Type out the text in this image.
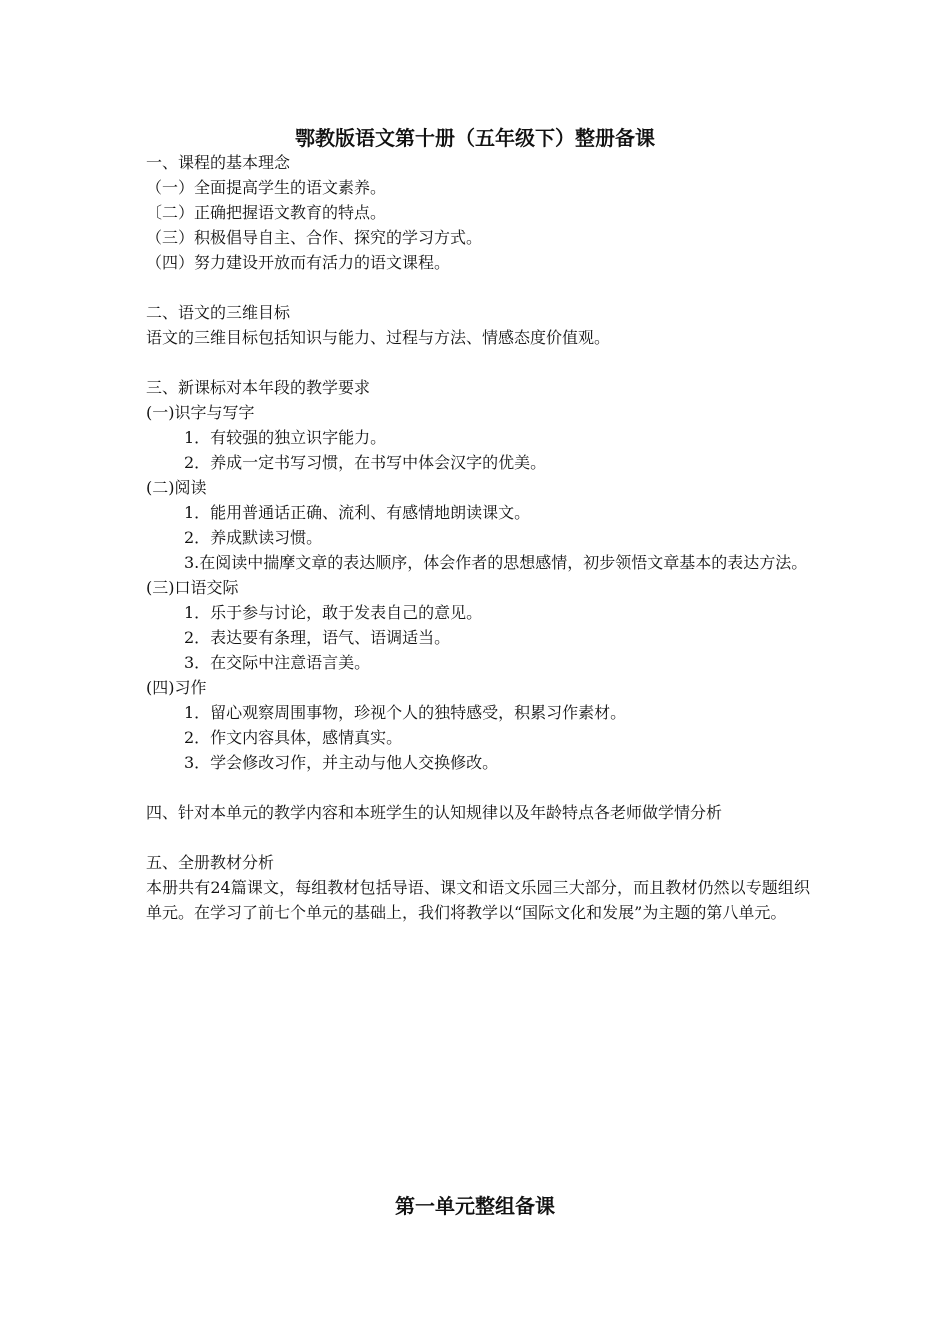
鄂教版语文第十册（五年级下）整册备课

一、课程的基本理念

（一）全面提高学生的语文素养。

〔二）正确把握语文教育的特点。

（三）积极倡导自主、合作、探究的学习方式。

（四）努力建设开放而有活力的语文课程。

二、语文的三维目标

语文的三维目标包括知识与能力、过程与方法、情感态度价值观。

三、新课标对本年段的教学要求

(一)识字与写字

1．有较强的独立识字能力。

2．养成一定书写习惯，在书写中体会汉字的优美。

(二)阅读

1．能用普通话正确、流利、有感情地朗读课文。

2．养成默读习惯。

3.在阅读中揣摩文章的表达顺序，体会作者的思想感情，初步领悟文章基本的表达方法。

(三)口语交际

1．乐于参与讨论，敢于发表自己的意见。

2．表达要有条理，语气、语调适当。

3．在交际中注意语言美。

(四)习作

1．留心观察周围事物，珍视个人的独特感受，积累习作素材。

2．作文内容具体，感情真实。

3．学会修改习作，并主动与他人交换修改。

四、针对本单元的教学内容和本班学生的认知规律以及年龄特点各老师做学情分析

五、全册教材分析

本册共有24篇课文，每组教材包括导语、课文和语文乐园三大部分，而且教材仍然以专题组织单元。在学习了前七个单元的基础上，我们将教学以“国际文化和发展”为主题的第八单元。

第一单元整组备课
